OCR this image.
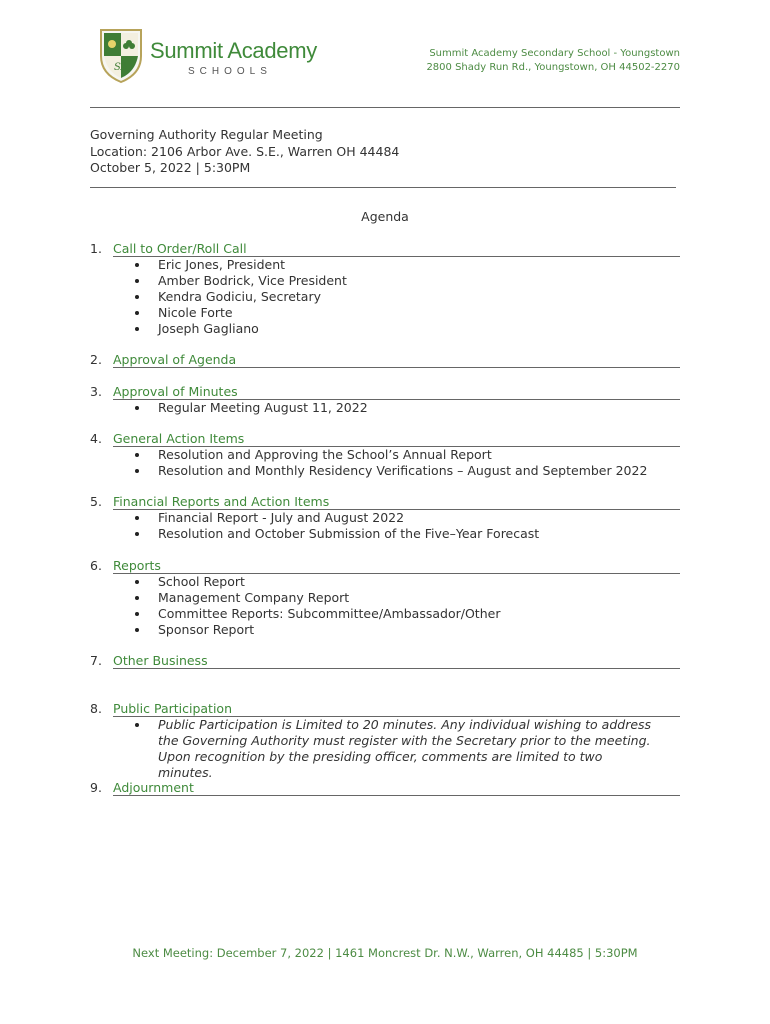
SA
Summit Academy
SCHOOLS
Summit Academy Secondary School - Youngstown
2800 Shady Run Rd., Youngstown, OH 44502-2270
Governing Authority Regular Meeting
Location: 2106 Arbor Ave. S.E., Warren OH 44484
October 5, 2022 | 5:30PM
Agenda
1. Call to Order/Roll Call
Eric Jones, President
Amber Bodrick, Vice President
Kendra Godiciu, Secretary
Nicole Forte
Joseph Gagliano
2. Approval of Agenda
3. Approval of Minutes
Regular Meeting August 11, 2022
4. General Action Items
Resolution and Approving the School’s Annual Report
Resolution and Monthly Residency Verifications – August and September 2022
5. Financial Reports and Action Items
Financial Report - July and August 2022
Resolution and October Submission of the Five–Year Forecast
6. Reports
School Report
Management Company Report
Committee Reports: Subcommittee/Ambassador/Other
Sponsor Report
7. Other Business
8. Public Participation
Public Participation is Limited to 20 minutes. Any individual wishing to address the Governing Authority must register with the Secretary prior to the meeting. Upon recognition by the presiding officer, comments are limited to two minutes.
9. Adjournment
Next Meeting: December 7, 2022 | 1461 Moncrest Dr. N.W., Warren, OH 44485 | 5:30PM
